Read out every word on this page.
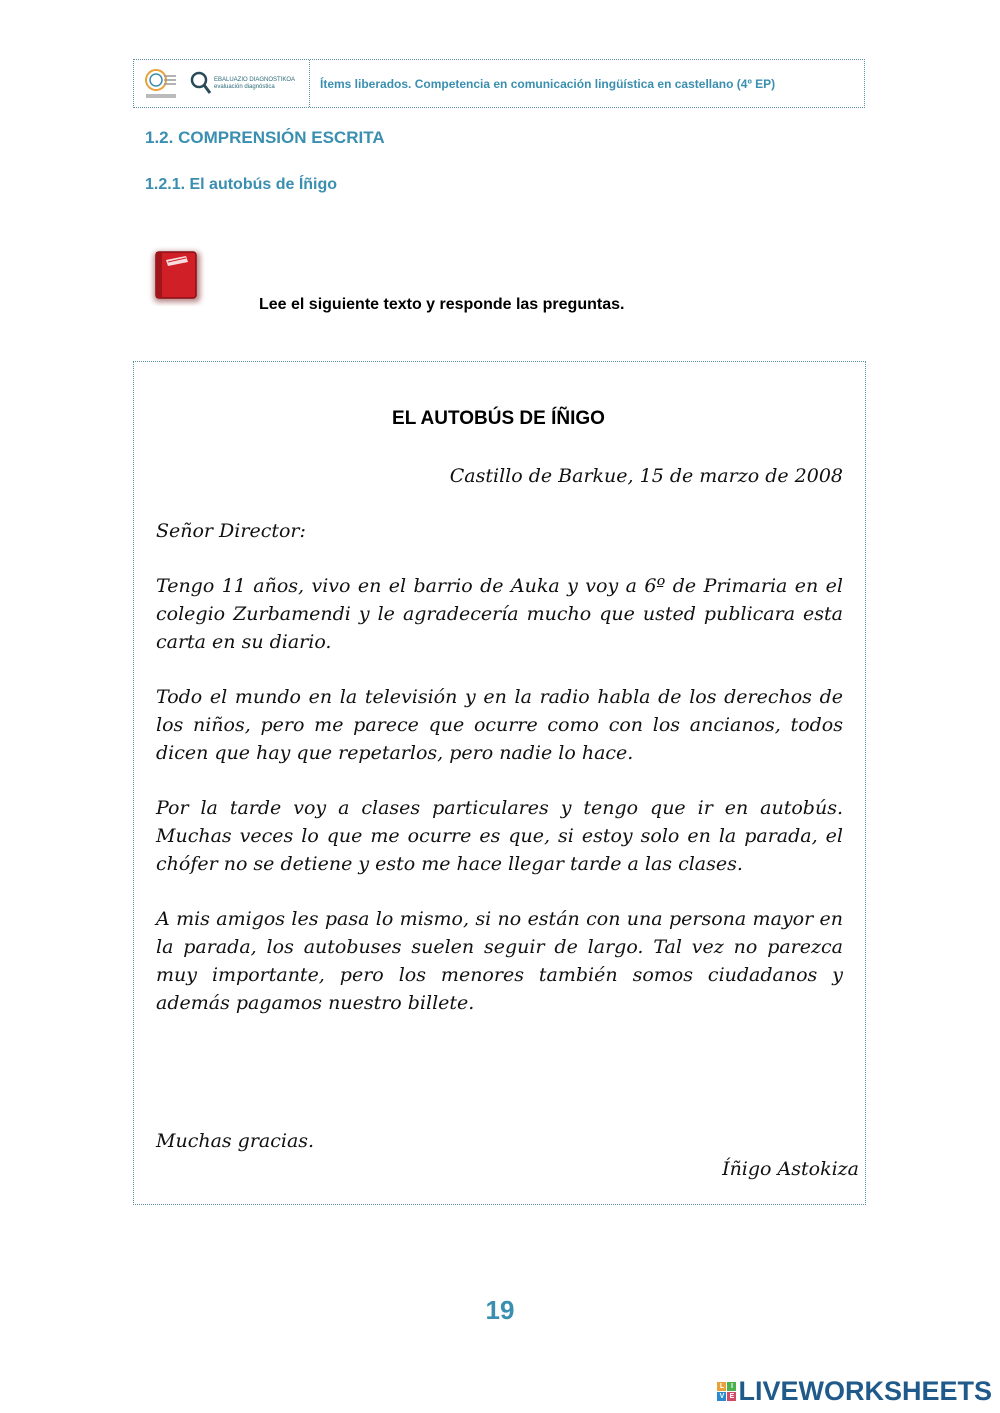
EBALUAZIO DIAGNOSTIKOA
evaluación diagnóstica	Ítems liberados. Competencia en comunicación lingüística en castellano (4º EP)
1.2. COMPRENSIÓN ESCRITA
1.2.1. El autobús de Íñigo
Lee el siguiente texto y responde las preguntas.
EL AUTOBÚS DE ÍÑIGO
Castillo de Barkue, 15 de marzo de 2008
Señor Director:

Tengo 11 años, vivo en el barrio de Auka y voy a 6º de Primaria en el colegio Zurbamendi y le agradecería mucho que usted publicara esta carta en su diario.

Todo el mundo en la televisión y en la radio habla de los derechos de los niños, pero me parece que ocurre como con los ancianos, todos dicen que hay que repetarlos, pero nadie lo hace.

Por la tarde voy a clases particulares y tengo que ir en autobús. Muchas veces lo que me ocurre es que, si estoy solo en la parada, el chófer no se detiene y esto me hace llegar tarde a las clases.

A mis amigos les pasa lo mismo, si no están con una persona mayor en la parada, los autobuses suelen seguir de largo. Tal vez no parezca muy importante, pero los menores también somos ciudadanos y además pagamos nuestro billete.

Muchas gracias.
Íñigo Astokiza
19
L I
V E LIVEWORKSHEETS
